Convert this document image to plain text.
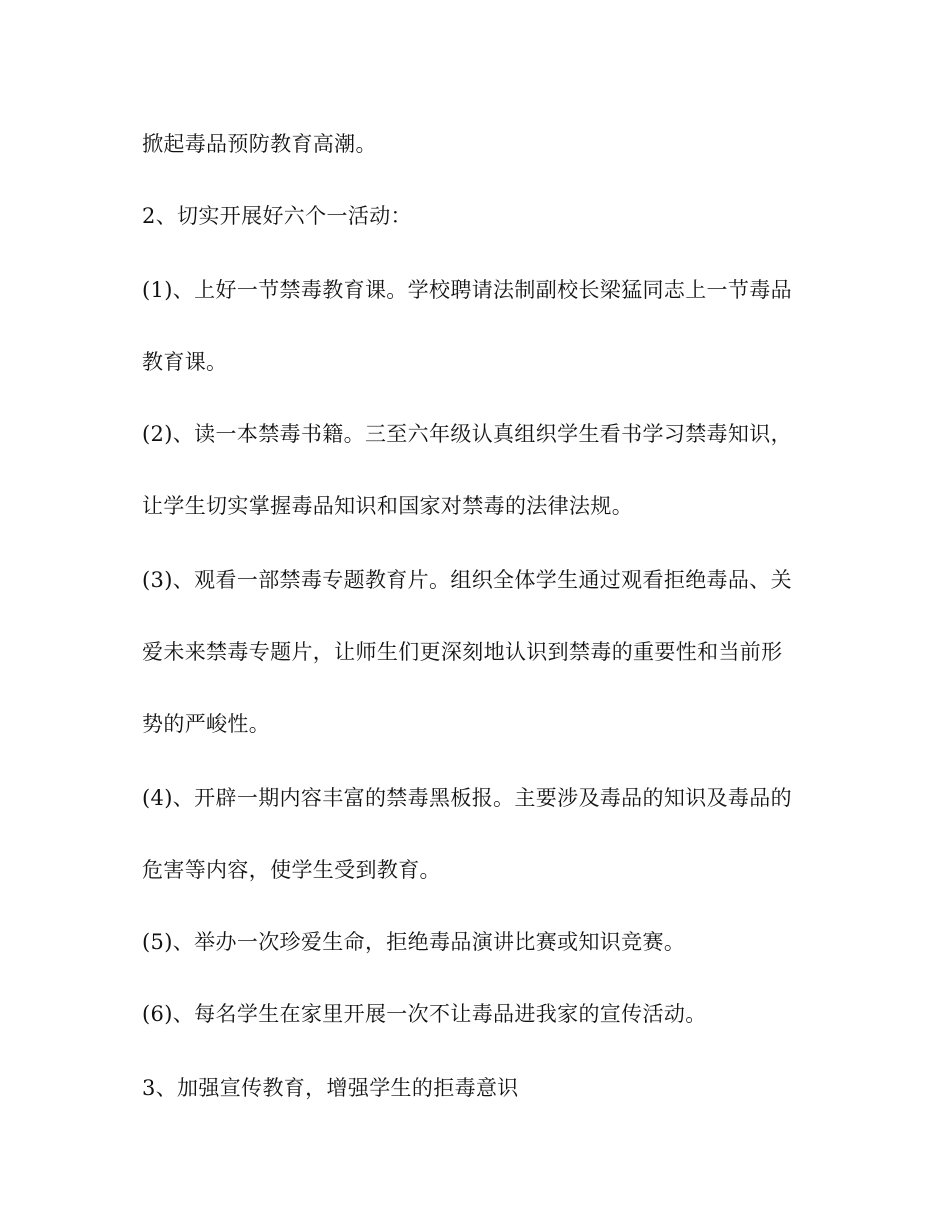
掀起毒品预防教育高潮。

2、切实开展好六个一活动：

(1)、上好一节禁毒教育课。学校聘请法制副校长梁猛同志上一节毒品

教育课。

(2)、读一本禁毒书籍。三至六年级认真组织学生看书学习禁毒知识，

让学生切实掌握毒品知识和国家对禁毒的法律法规。

(3)、观看一部禁毒专题教育片。组织全体学生通过观看拒绝毒品、关

爱未来禁毒专题片，让师生们更深刻地认识到禁毒的重要性和当前形

势的严峻性。

(4)、开辟一期内容丰富的禁毒黑板报。主要涉及毒品的知识及毒品的

危害等内容，使学生受到教育。

(5)、举办一次珍爱生命，拒绝毒品演讲比赛或知识竞赛。

(6)、每名学生在家里开展一次不让毒品进我家的宣传活动。

3、加强宣传教育，增强学生的拒毒意识
